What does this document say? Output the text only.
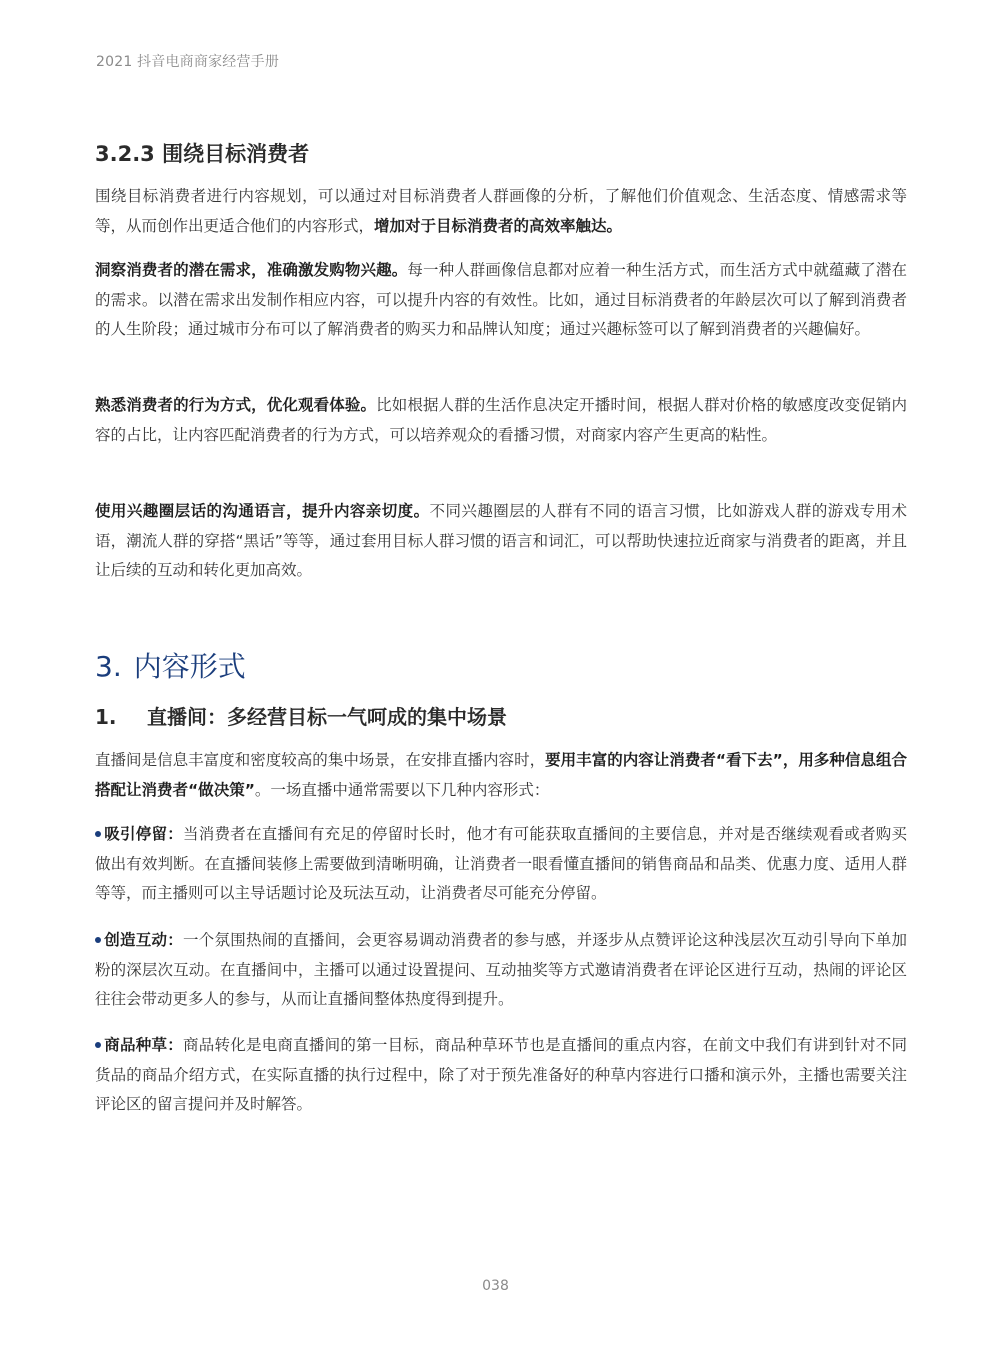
2021 抖音电商商家经营手册
3.2.3 围绕目标消费者

围绕目标消费者进行内容规划，可以通过对目标消费者人群画像的分析，了解他们价值观念、生活态度、情感需求等等，从而创作出更适合他们的内容形式，增加对于目标消费者的高效率触达。

洞察消费者的潜在需求，准确激发购物兴趣。每一种人群画像信息都对应着一种生活方式，而生活方式中就蕴藏了潜在的需求。以潜在需求出发制作相应内容，可以提升内容的有效性。比如，通过目标消费者的年龄层次可以了解到消费者的人生阶段；通过城市分布可以了解消费者的购买力和品牌认知度；通过兴趣标签可以了解到消费者的兴趣偏好。

熟悉消费者的行为方式，优化观看体验。比如根据人群的生活作息决定开播时间，根据人群对价格的敏感度改变促销内容的占比，让内容匹配消费者的行为方式，可以培养观众的看播习惯，对商家内容产生更高的粘性。

使用兴趣圈层话的沟通语言，提升内容亲切度。不同兴趣圈层的人群有不同的语言习惯，比如游戏人群的游戏专用术语，潮流人群的穿搭“黑话”等等，通过套用目标人群习惯的语言和词汇，可以帮助快速拉近商家与消费者的距离，并且让后续的互动和转化更加高效。

3. 内容形式
1. 直播间：多经营目标一气呵成的集中场景

直播间是信息丰富度和密度较高的集中场景，在安排直播内容时，要用丰富的内容让消费者“看下去”，用多种信息组合搭配让消费者“做决策”。一场直播中通常需要以下几种内容形式：

吸引停留：当消费者在直播间有充足的停留时长时，他才有可能获取直播间的主要信息，并对是否继续观看或者购买做出有效判断。在直播间装修上需要做到清晰明确，让消费者一眼看懂直播间的销售商品和品类、优惠力度、适用人群等等，而主播则可以主导话题讨论及玩法互动，让消费者尽可能充分停留。

创造互动：一个氛围热闹的直播间，会更容易调动消费者的参与感，并逐步从点赞评论这种浅层次互动引导向下单加粉的深层次互动。在直播间中，主播可以通过设置提问、互动抽奖等方式邀请消费者在评论区进行互动，热闹的评论区往往会带动更多人的参与，从而让直播间整体热度得到提升。

商品种草：商品转化是电商直播间的第一目标，商品种草环节也是直播间的重点内容，在前文中我们有讲到针对不同货品的商品介绍方式，在实际直播的执行过程中，除了对于预先准备好的种草内容进行口播和演示外，主播也需要关注评论区的留言提问并及时解答。

038
